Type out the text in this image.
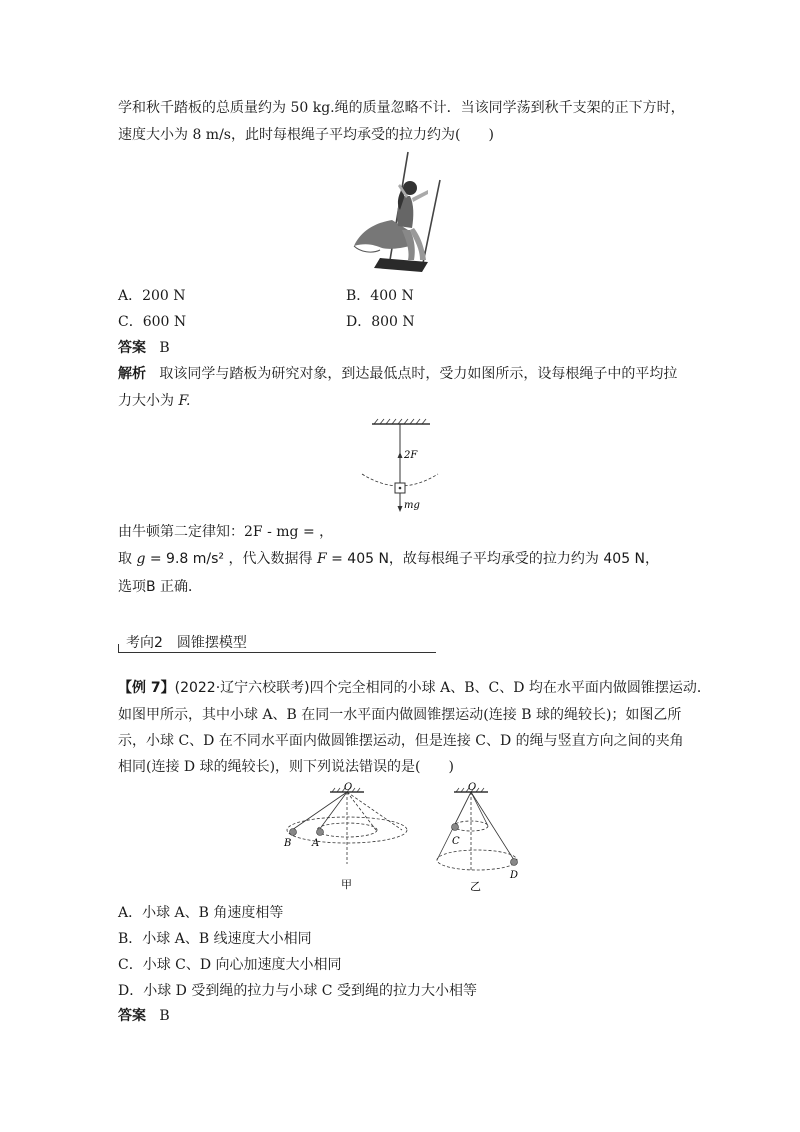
学和秋千踏板的总质量约为 50 kg.绳的质量忽略不计．当该同学荡到秋千支架的正下方时，
速度大小为 8 m/s，此时每根绳子平均承受的拉力约为(　　)
A．200 N	B．400 N
C．600 N	D．800 N
答案 B
解析 取该同学与踏板为研究对象，到达最低点时，受力如图所示，设每根绳子中的平均拉
力大小为 F.
2F
mg
由牛顿第二定律知：2F - mg = ，
取 g = 9.8 m/s² ，代入数据得 F = 405 N，故每根绳子平均承受的拉力约为 405 N，
选项B 正确．
考向2　圆锥摆模型
【例 7】(2022·辽宁六校联考)四个完全相同的小球 A、B、C、D 均在水平面内做圆锥摆运动．
如图甲所示，其中小球 A、B 在同一水平面内做圆锥摆运动(连接 B 球的绳较长)；如图乙所
示，小球 C、D 在不同水平面内做圆锥摆运动，但是连接 C、D 的绳与竖直方向之间的夹角
相同(连接 D 球的绳较长)，则下列说法错误的是(　　)
O
B A
甲
O
C
D
乙
A．小球 A、B 角速度相等
B．小球 A、B 线速度大小相同
C．小球 C、D 向心加速度大小相同
D．小球 D 受到绳的拉力与小球 C 受到绳的拉力大小相等
答案 B
